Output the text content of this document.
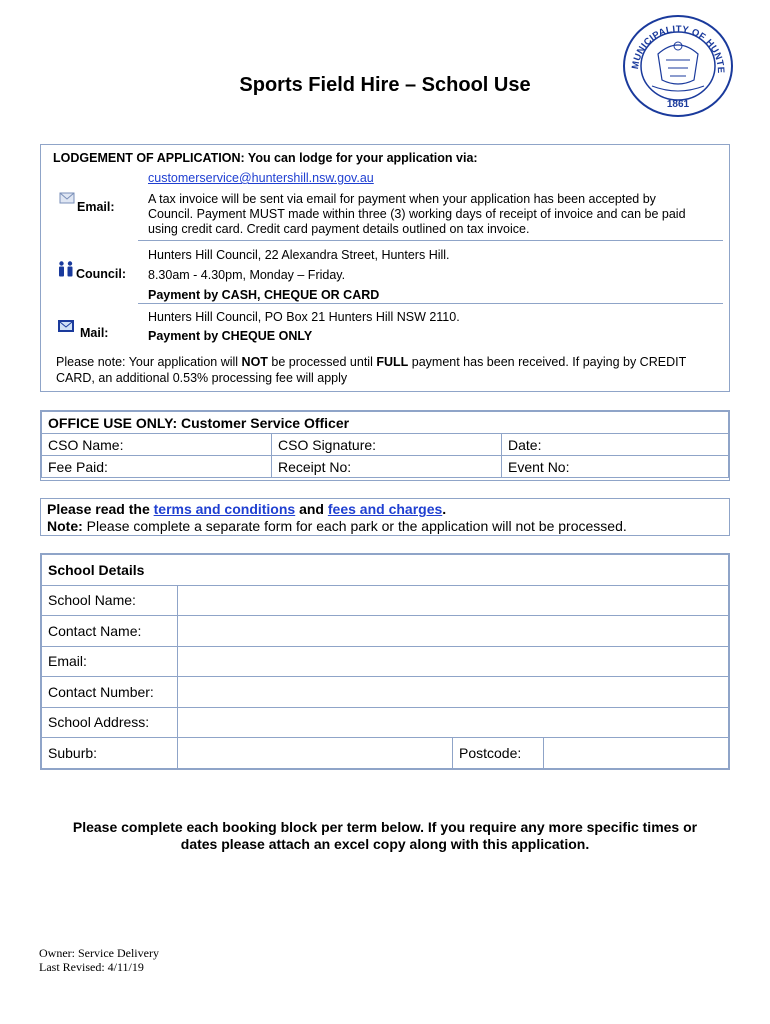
Sports Field Hire – School Use
MUNICIPALITY OF HUNTE
1861
LODGEMENT OF APPLICATION: You can lodge for your application via:
Email:
customerservice@huntershill.nsw.gov.au
A tax invoice will be sent via email for payment when your application has been accepted by Council. Payment MUST made within three (3) working days of receipt of invoice and can be paid using credit card. Credit card payment details outlined on tax invoice.
Council:
Hunters Hill Council, 22 Alexandra Street, Hunters Hill.
8.30am - 4.30pm, Monday – Friday.
Payment by CASH, CHEQUE OR CARD
Mail:
Hunters Hill Council, PO Box 21 Hunters Hill NSW 2110.
Payment by CHEQUE ONLY
Please note: Your application will NOT be processed until FULL payment has been received. If paying by CREDIT CARD, an additional 0.53% processing fee will apply
OFFICE USE ONLY: Customer Service Officer		
CSO Name:	CSO Signature:	Date:
Fee Paid:	Receipt No:	Event No:
Please read the terms and conditions and fees and charges.
Note: Please complete a separate form for each park or the application will not be processed.
School Details			
School Name:			
Contact Name:			
Email:			
Contact Number:			
School Address:			
Suburb:		Postcode:	
Please complete each booking block per term below. If you require any more specific times or
dates please attach an excel copy along with this application.
Owner: Service Delivery
Last Revised: 4/11/19
